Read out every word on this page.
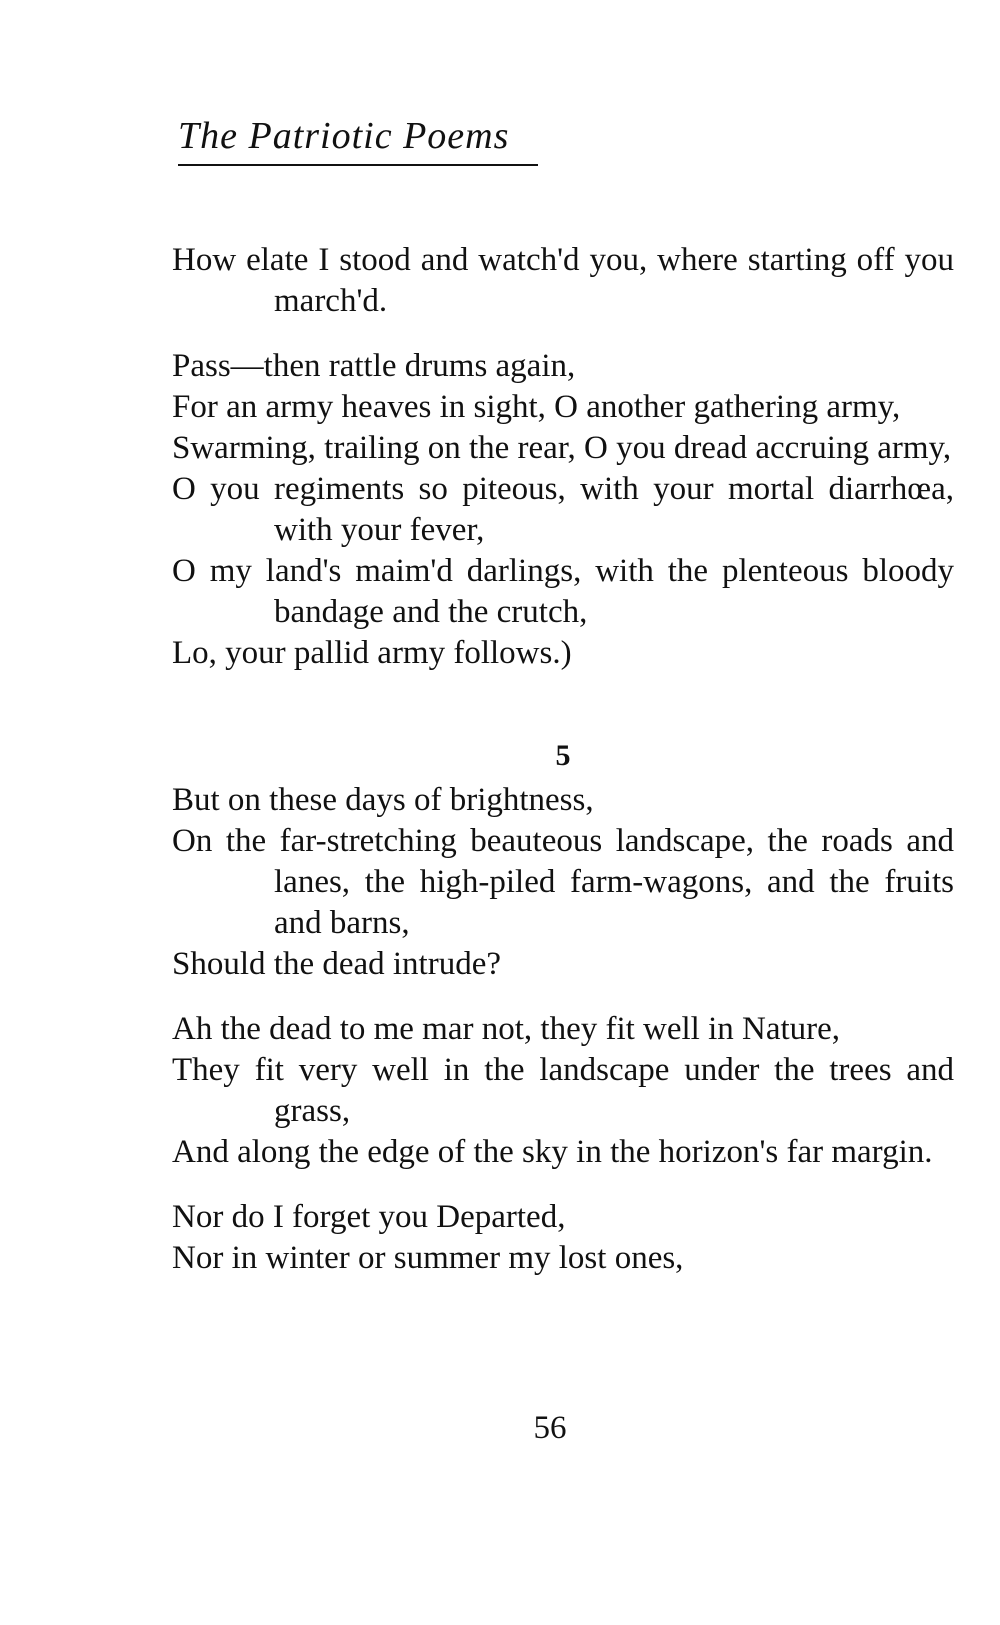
The Patriotic Poems
How elate I stood and watch'd you, where starting off you march'd.
Pass—then rattle drums again,
For an army heaves in sight, O another gathering army,
Swarming, trailing on the rear, O you dread accruing army,
O you regiments so piteous, with your mortal diarrhœa, with your fever,
O my land's maim'd darlings, with the plenteous bloody bandage and the crutch,
Lo, your pallid army follows.)
5
But on these days of brightness,
On the far-stretching beauteous landscape, the roads and lanes, the high-piled farm-wagons, and the fruits and barns,
Should the dead intrude?
Ah the dead to me mar not, they fit well in Nature,
They fit very well in the landscape under the trees and grass,
And along the edge of the sky in the horizon's far margin.
Nor do I forget you Departed,
Nor in winter or summer my lost ones,
56
